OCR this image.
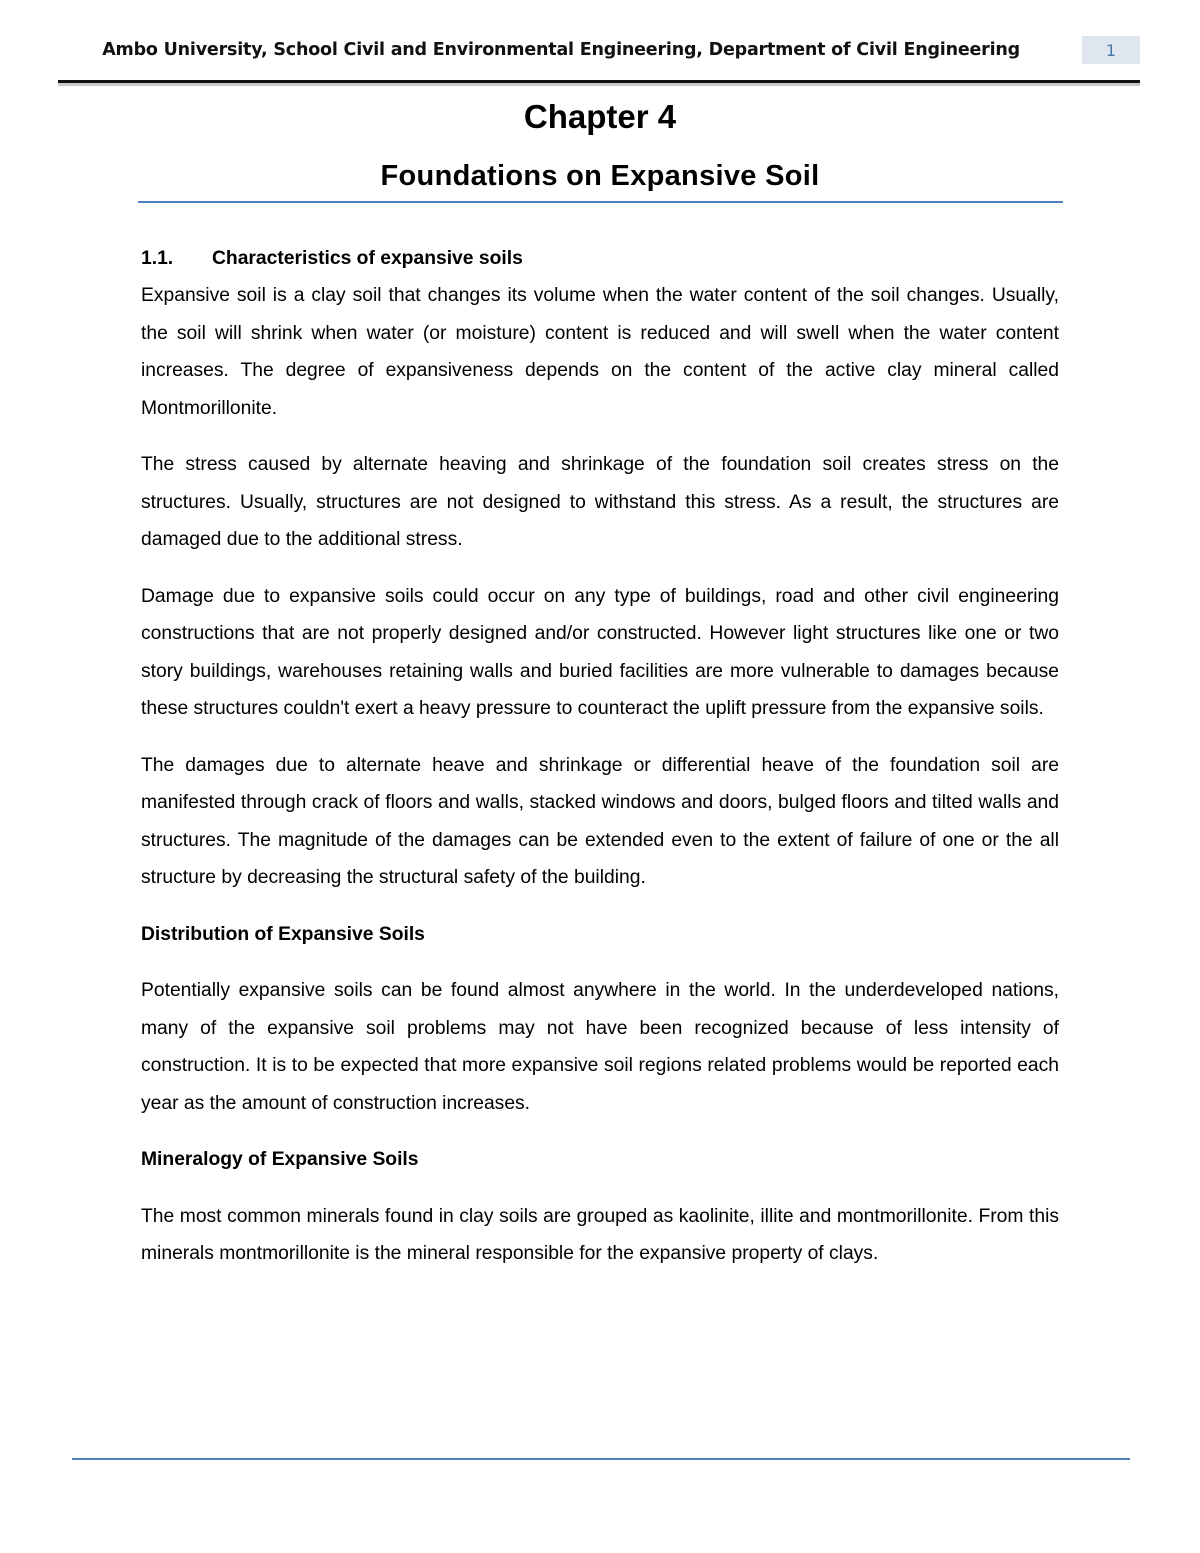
Ambo University, School Civil and Environmental Engineering, Department of Civil Engineering	1
Chapter 4
Foundations on Expansive Soil
1.1.	Characteristics of expansive soils

Expansive soil is a clay soil that changes its volume when the water content of the soil changes. Usually, the soil will shrink when water (or moisture) content is reduced and will swell when the water content increases. The degree of expansiveness depends on the content of the active clay mineral called Montmorillonite.

The stress caused by alternate heaving and shrinkage of the foundation soil creates stress on the structures. Usually, structures are not designed to withstand this stress. As a result, the structures are damaged due to the additional stress.

Damage due to expansive soils could occur on any type of buildings, road and other civil engineering constructions that are not properly designed and/or constructed. However light structures like one or two story buildings, warehouses retaining walls and buried facilities are more vulnerable to damages because these structures couldn't exert a heavy pressure to counteract the uplift pressure from the expansive soils.

The damages due to alternate heave and shrinkage or differential heave of the foundation soil are manifested through crack of floors and walls, stacked windows and doors, bulged floors and tilted walls and structures. The magnitude of the damages can be extended even to the extent of failure of one or the all structure by decreasing the structural safety of the building.

Distribution of Expansive Soils

Potentially expansive soils can be found almost anywhere in the world. In the underdeveloped nations, many of the expansive soil problems may not have been recognized because of less intensity of construction. It is to be expected that more expansive soil regions related problems would be reported each year as the amount of construction increases.

Mineralogy of Expansive Soils

The most common minerals found in clay soils are grouped as kaolinite, illite and montmorillonite. From this minerals montmorillonite is the mineral responsible for the expansive property of clays.
